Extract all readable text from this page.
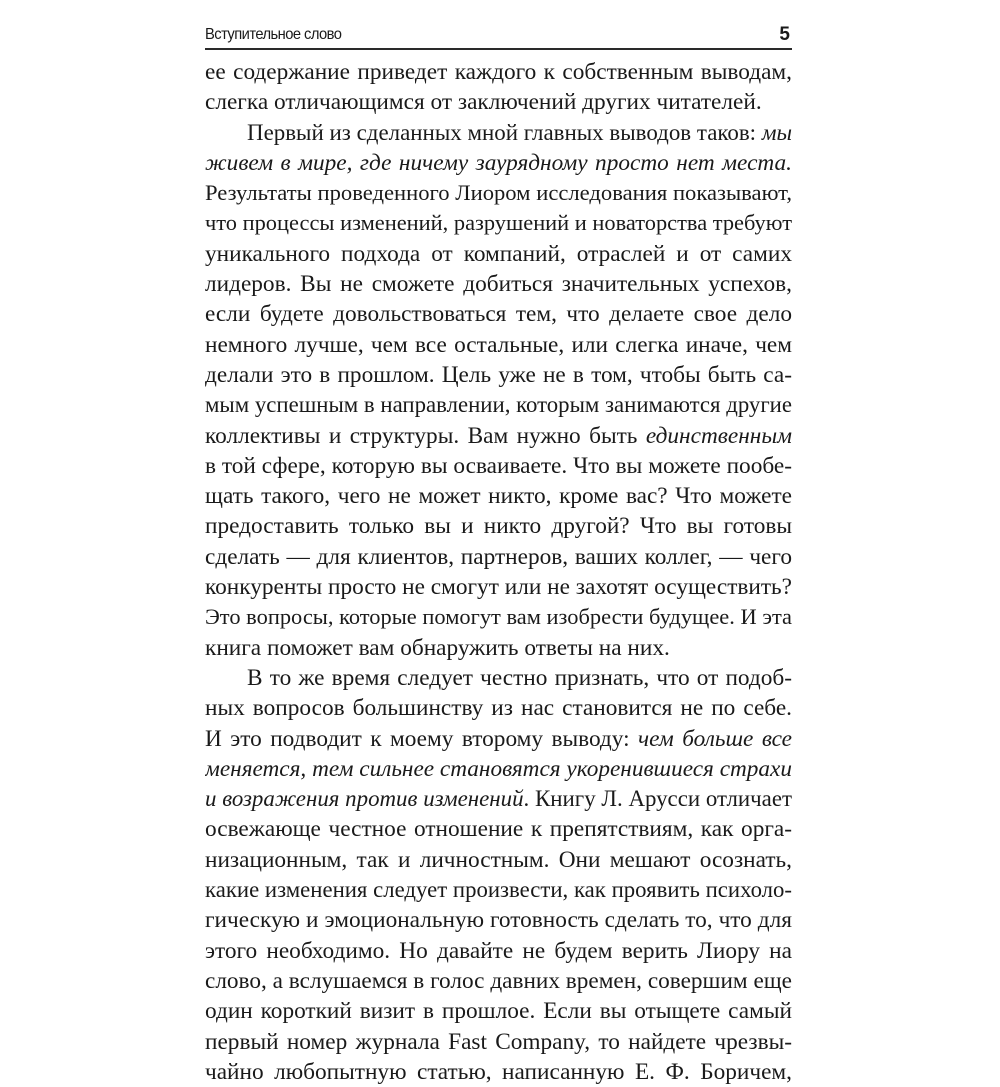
Вступительное слово	5
ее содержание приведет каждого к собственным выводам,
слегка отличающимся от заключений других читателей.
Первый из сделанных мной главных выводов таков: мы
живем в мире, где ничему заурядному просто нет места.
Результаты проведенного Лиором исследования показывают,
что процессы изменений, разрушений и новаторства требуют
уникального подхода от компаний, отраслей и от самих
лидеров. Вы не сможете добиться значительных успехов,
если будете довольствоваться тем, что делаете свое дело
немного лучше, чем все остальные, или слегка иначе, чем
делали это в прошлом. Цель уже не в том, чтобы быть са-
мым успешным в направлении, которым занимаются другие
коллективы и структуры. Вам нужно быть единственным
в той сфере, которую вы осваиваете. Что вы можете пообе-
щать такого, чего не может никто, кроме вас? Что можете
предоставить только вы и никто другой? Что вы готовы
сделать — для клиентов, партнеров, ваших коллег, — чего
конкуренты просто не смогут или не захотят осуществить?
Это вопросы, которые помогут вам изобрести будущее. И эта
книга поможет вам обнаружить ответы на них.
В то же время следует честно признать, что от подоб-
ных вопросов большинству из нас становится не по себе.
И это подводит к моему второму выводу: чем больше все
меняется, тем сильнее становятся укоренившиеся страхи
и возражения против изменений. Книгу Л. Арусси отличает
освежающе честное отношение к препятствиям, как орга-
низационным, так и личностным. Они мешают осознать,
какие изменения следует произвести, как проявить психоло-
гическую и эмоциональную готовность сделать то, что для
этого необходимо. Но давайте не будем верить Лиору на
слово, а вслушаемся в голос давних времен, совершим еще
один короткий визит в прошлое. Если вы отыщете самый
первый номер журнала Fast Company, то найдете чрезвы-
чайно любопытную статью, написанную Е. Ф. Боричем,
